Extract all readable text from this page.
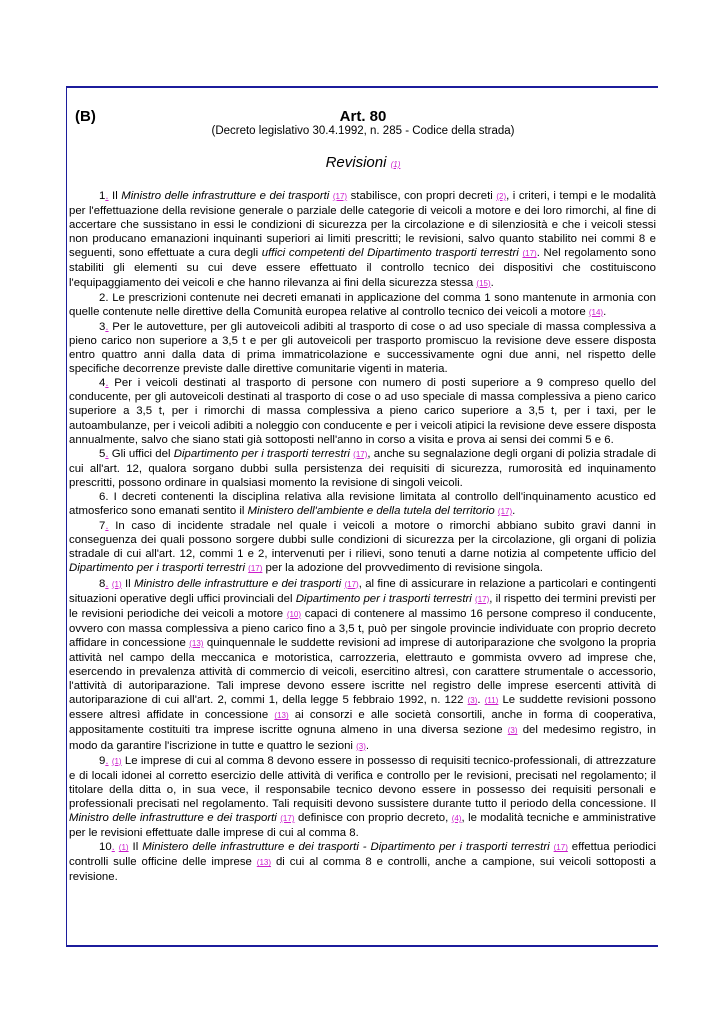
(B)	Art. 80
(Decreto legislativo 30.4.1992, n. 285 - Codice della strada)
Revisioni (1)

1. Il Ministro delle infrastrutture e dei trasporti (17) stabilisce, con propri decreti (2), i criteri, i tempi e le modalità per l'effettuazione della revisione generale o parziale delle categorie di veicoli a motore e dei loro rimorchi, al fine di accertare che sussistano in essi le condizioni di sicurezza per la circolazione e di silenziosità e che i veicoli stessi non producano emanazioni inquinanti superiori ai limiti prescritti; le revisioni, salvo quanto stabilito nei commi 8 e seguenti, sono effettuate a cura degli uffici competenti del Dipartimento trasporti terrestri (17). Nel regolamento sono stabiliti gli elementi su cui deve essere effettuato il controllo tecnico dei dispositivi che costituiscono l'equipaggiamento dei veicoli e che hanno rilevanza ai fini della sicurezza stessa (15).

2. Le prescrizioni contenute nei decreti emanati in applicazione del comma 1 sono mantenute in armonia con quelle contenute nelle direttive della Comunità europea relative al controllo tecnico dei veicoli a motore (14).

3. Per le autovetture, per gli autoveicoli adibiti al trasporto di cose o ad uso speciale di massa complessiva a pieno carico non superiore a 3,5 t e per gli autoveicoli per trasporto promiscuo la revisione deve essere disposta entro quattro anni dalla data di prima immatricolazione e successivamente ogni due anni, nel rispetto delle specifiche decorrenze previste dalle direttive comunitarie vigenti in materia.

4. Per i veicoli destinati al trasporto di persone con numero di posti superiore a 9 compreso quello del conducente, per gli autoveicoli destinati al trasporto di cose o ad uso speciale di massa complessiva a pieno carico superiore a 3,5 t, per i rimorchi di massa complessiva a pieno carico superiore a 3,5 t, per i taxi, per le autoambulanze, per i veicoli adibiti a noleggio con conducente e per i veicoli atipici la revisione deve essere disposta annualmente, salvo che siano stati già sottoposti nell'anno in corso a visita e prova ai sensi dei commi 5 e 6.

5. Gli uffici del Dipartimento per i trasporti terrestri (17), anche su segnalazione degli organi di polizia stradale di cui all'art. 12, qualora sorgano dubbi sulla persistenza dei requisiti di sicurezza, rumorosità ed inquinamento prescritti, possono ordinare in qualsiasi momento la revisione di singoli veicoli.

6. I decreti contenenti la disciplina relativa alla revisione limitata al controllo dell'inquinamento acustico ed atmosferico sono emanati sentito il Ministero dell'ambiente e della tutela del territorio (17).

7. In caso di incidente stradale nel quale i veicoli a motore o rimorchi abbiano subito gravi danni in conseguenza dei quali possono sorgere dubbi sulle condizioni di sicurezza per la circolazione, gli organi di polizia stradale di cui all'art. 12, commi 1 e 2, intervenuti per i rilievi, sono tenuti a darne notizia al competente ufficio del Dipartimento per i trasporti terrestri (17) per la adozione del provvedimento di revisione singola.

8. (1) Il Ministro delle infrastrutture e dei trasporti (17), al fine di assicurare in relazione a particolari e contingenti situazioni operative degli uffici provinciali del Dipartimento per i trasporti terrestri (17), il rispetto dei termini previsti per le revisioni periodiche dei veicoli a motore (10) capaci di contenere al massimo 16 persone compreso il conducente, ovvero con massa complessiva a pieno carico fino a 3,5 t, può per singole provincie individuate con proprio decreto affidare in concessione (13) quinquennale le suddette revisioni ad imprese di autoriparazione che svolgono la propria attività nel campo della meccanica e motoristica, carrozzeria, elettrauto e gommista ovvero ad imprese che, esercendo in prevalenza attività di commercio di veicoli, esercitino altresì, con carattere strumentale o accessorio, l'attività di autoriparazione. Tali imprese devono essere iscritte nel registro delle imprese esercenti attività di autoriparazione di cui all'art. 2, commi 1, della legge 5 febbraio 1992, n. 122 (3). (11) Le suddette revisioni possono essere altresì affidate in concessione (13) ai consorzi e alle società consortili, anche in forma di cooperativa, appositamente costituiti tra imprese iscritte ognuna almeno in una diversa sezione (3) del medesimo registro, in modo da garantire l'iscrizione in tutte e quattro le sezioni (3).

9. (1) Le imprese di cui al comma 8 devono essere in possesso di requisiti tecnico-professionali, di attrezzature e di locali idonei al corretto esercizio delle attività di verifica e controllo per le revisioni, precisati nel regolamento; il titolare della ditta o, in sua vece, il responsabile tecnico devono essere in possesso dei requisiti personali e professionali precisati nel regolamento. Tali requisiti devono sussistere durante tutto il periodo della concessione. Il Ministro delle infrastrutture e dei trasporti (17) definisce con proprio decreto, (4), le modalità tecniche e amministrative per le revisioni effettuate dalle imprese di cui al comma 8.

10. (1) Il Ministero delle infrastrutture e dei trasporti - Dipartimento per i trasporti terrestri (17) effettua periodici controlli sulle officine delle imprese (13) di cui al comma 8 e controlli, anche a campione, sui veicoli sottoposti a revisione.
